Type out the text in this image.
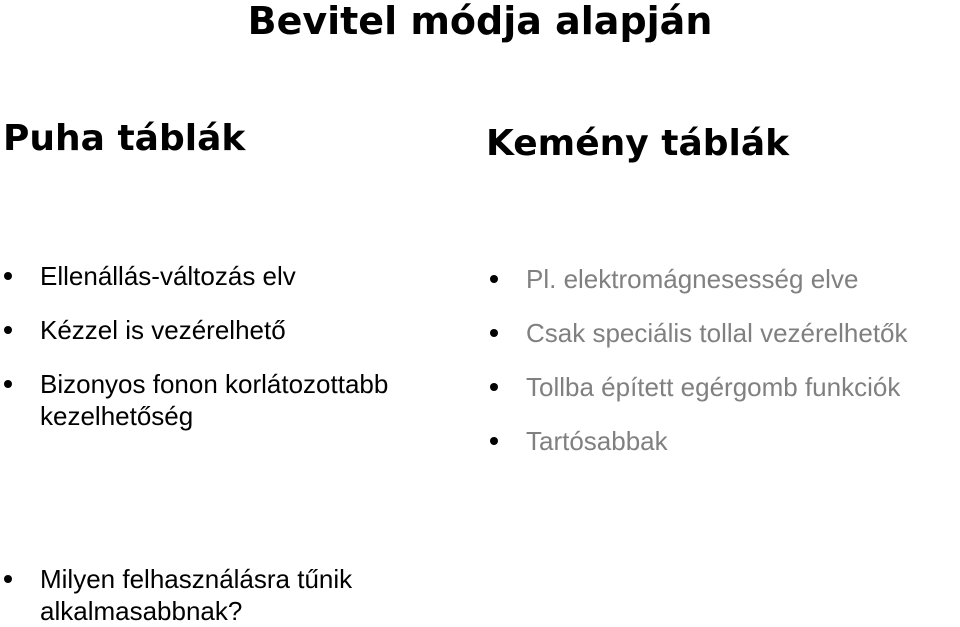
Bevitel módja alapján
Puha táblák	Kemény táblák
Ellenállás-változás elv
Kézzel is vezérelhető
Bizonyos fonon korlátozottabb kezelhetőség
Pl. elektromágnesesség elve
Csak speciális tollal vezérelhetők
Tollba épített egérgomb funkciók
Tartósabbak
Milyen felhasználásra tűnik alkalmasabbnak?
